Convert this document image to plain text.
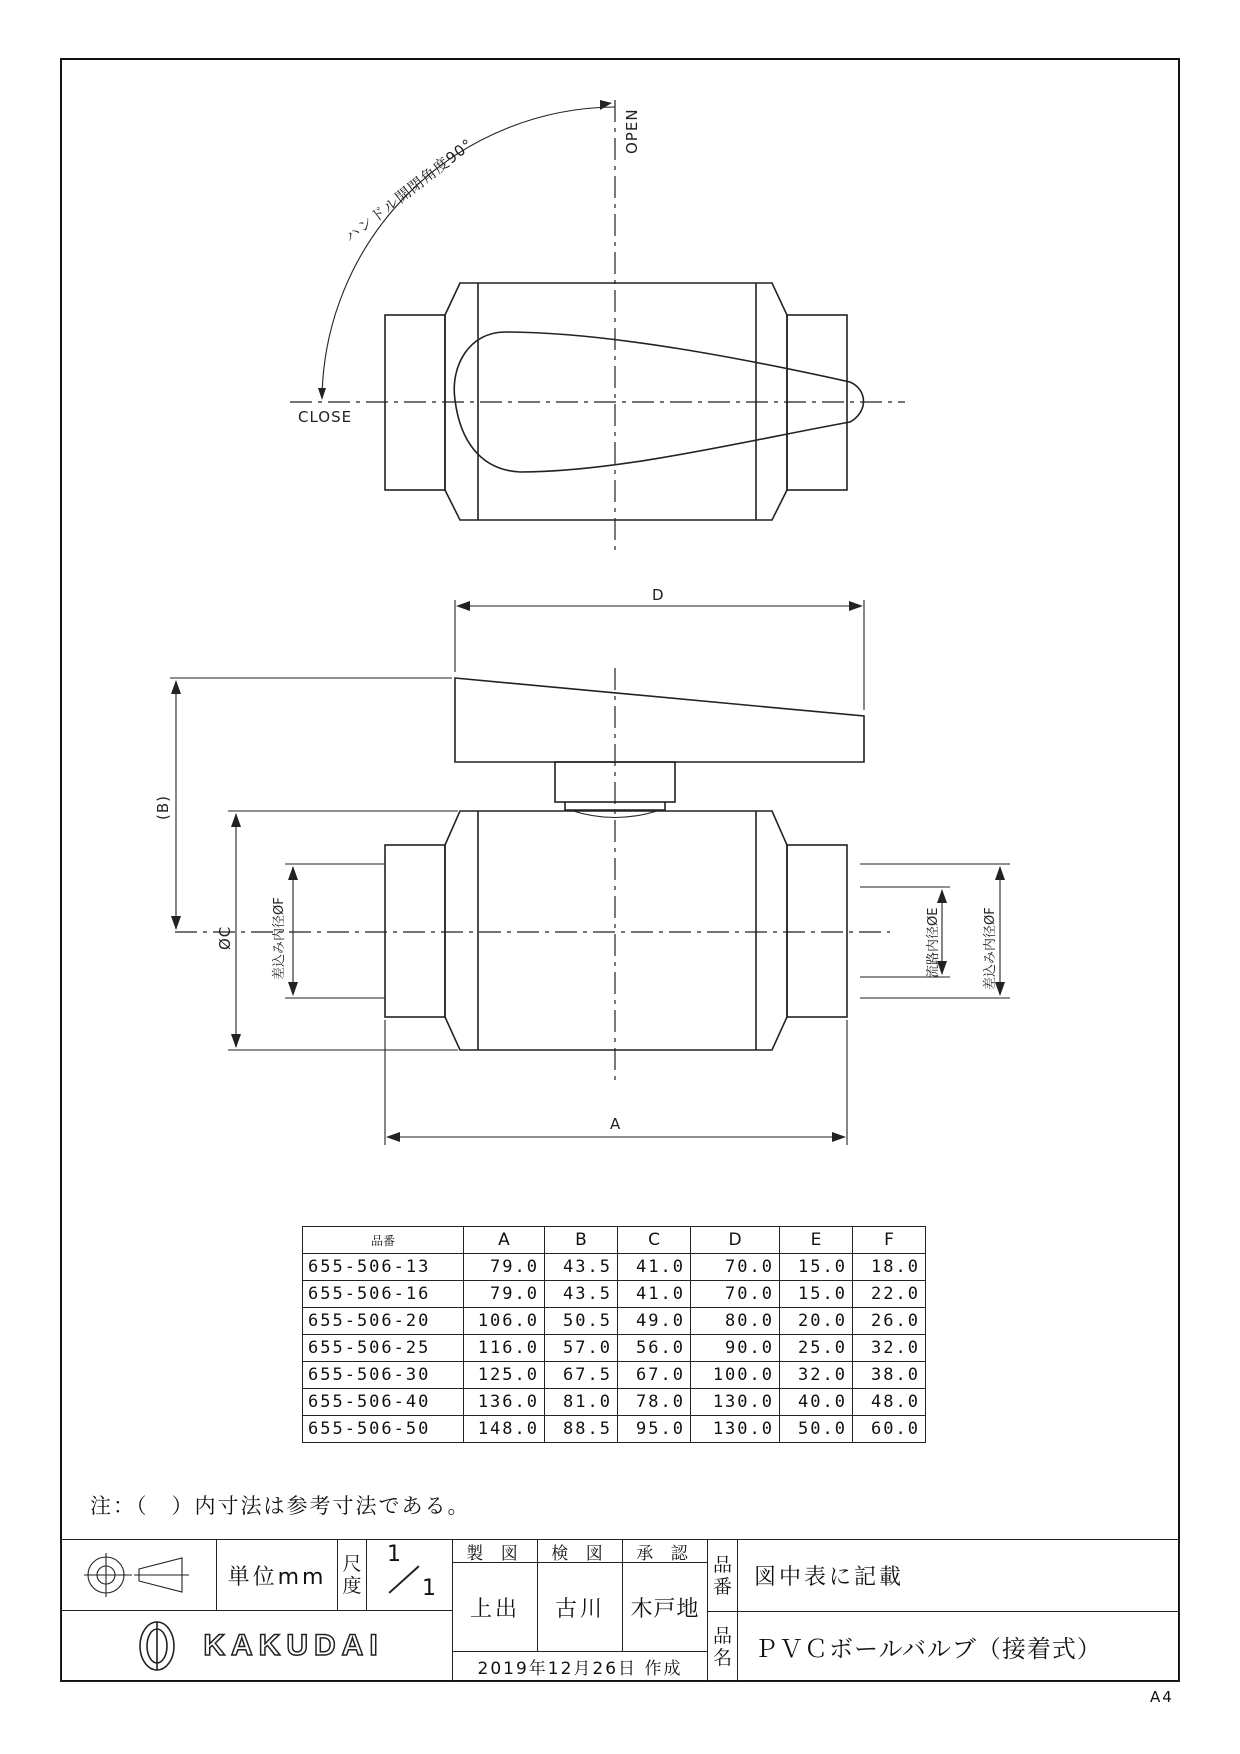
CLOSE
OPEN
ハンドル開閉角度90°
D
A
(B)
ØC	差込み内径ØF	流路内径ØE	差込み内径ØF
品番	A	B	C	D	E	F
655-506-13	79.0	43.5	41.0	70.0	15.0	18.0
655-506-16	79.0	43.5	41.0	70.0	15.0	22.0
655-506-20	106.0	50.5	49.0	80.0	20.0	26.0
655-506-25	116.0	57.0	56.0	90.0	25.0	32.0
655-506-30	125.0	67.5	67.0	100.0	32.0	38.0
655-506-40	136.0	81.0	78.0	130.0	40.0	48.0
655-506-50	148.0	88.5	95.0	130.0	50.0	60.0
注：（　）内寸法は参考寸法である。
単位mm
尺度
1
1
KAKUDAI
製 図 検 図 承 認
上出 古川 木戸地
2019年12月26日 作成
品番 図中表に記載
品名 ＰＶＣボールバルブ（接着式）
A4
